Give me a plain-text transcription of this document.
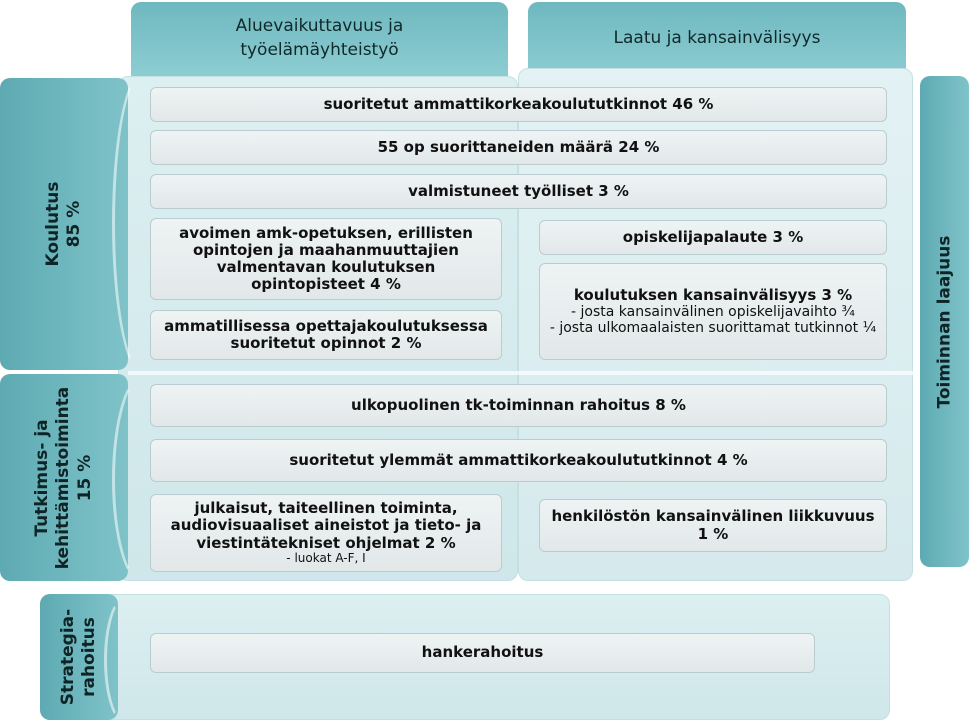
Aluevaikuttavuus ja
työelämäyhteistyö
Laatu ja kansainvälisyys
Koulutus 85 %
Tutkimus- ja kehittämistoiminta 15 %
Toiminnan laajuus
suoritetut ammattikorkeakoulututkinnot 46 %
55 op suorittaneiden määrä 24 %
valmistuneet työlliset 3 %
avoimen amk-opetuksen, erillisten opintojen ja maahanmuuttajien valmentavan koulutuksen opintopisteet 4 %
ammatillisessa opettajakoulutuksessa suoritetut opinnot 2 %
opiskelijapalaute 3 %
koulutuksen kansainvälisyys 3 %
- josta kansainvälinen opiskelijavaihto ¾
- josta ulkomaalaisten suorittamat tutkinnot ¼
ulkopuolinen tk-toiminnan rahoitus 8 %
suoritetut ylemmät ammattikorkeakoulututkinnot 4 %
julkaisut, taiteellinen toiminta, audiovisuaaliset aineistot ja tieto- ja viestintätekniset ohjelmat 2 %
- luokat A-F, I
henkilöstön kansainvälinen liikkuvuus 1 %
Strategia- rahoitus	hankerahoitus
